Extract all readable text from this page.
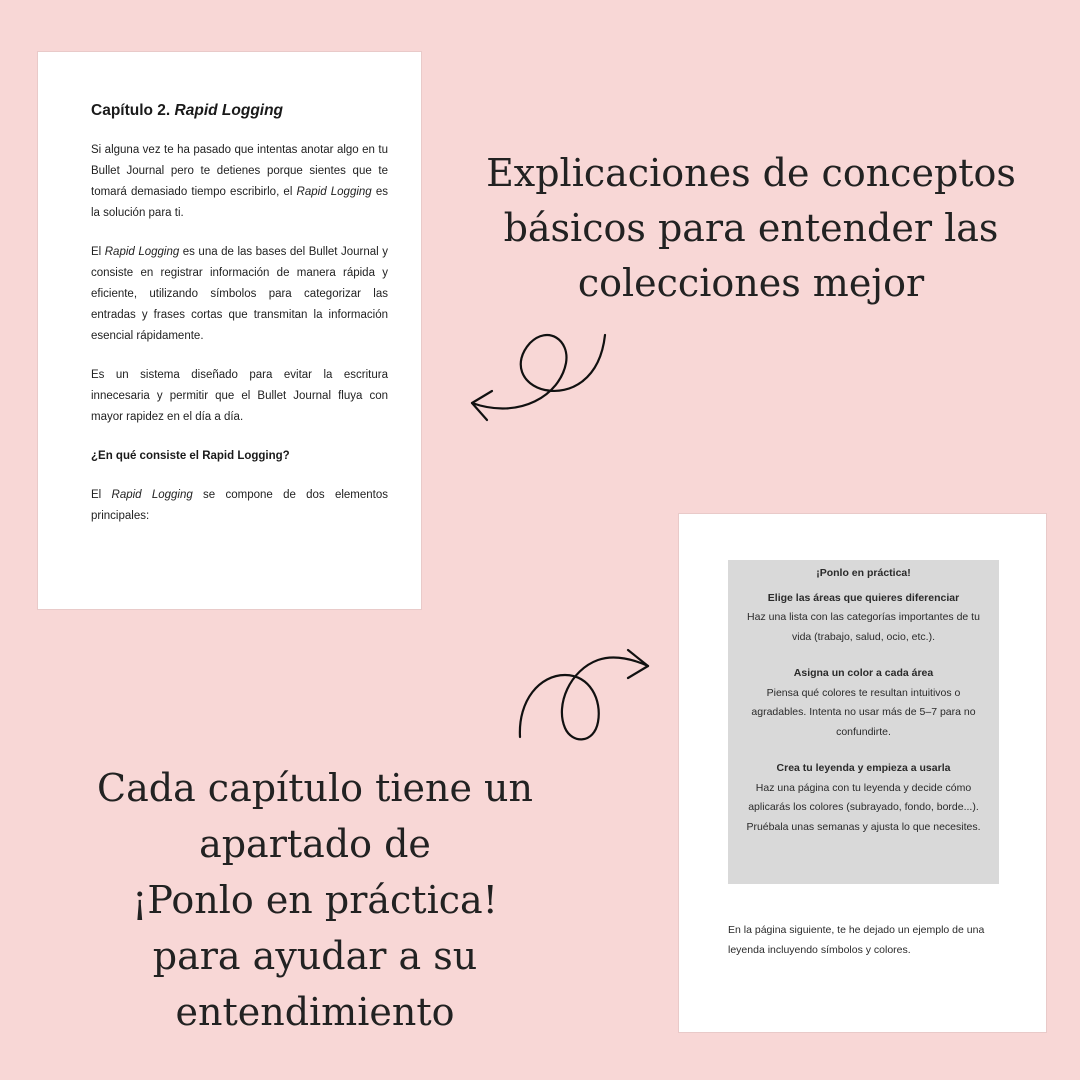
Capítulo 2. Rapid Logging

Si alguna vez te ha pasado que intentas anotar algo en tu Bullet Journal pero te detienes porque sientes que te tomará demasiado tiempo escribirlo, el Rapid Logging es la solución para ti.

El Rapid Logging es una de las bases del Bullet Journal y consiste en registrar información de manera rápida y eficiente, utilizando símbolos para categorizar las entradas y frases cortas que transmitan la información esencial rápidamente.

Es un sistema diseñado para evitar la escritura innecesaria y permitir que el Bullet Journal fluya con mayor rapidez en el día a día.

¿En qué consiste el Rapid Logging?

El Rapid Logging se compone de dos elementos principales:

Explicaciones de conceptos básicos para entender las colecciones mejor

¡Ponlo en práctica!
Elige las áreas que quieres diferenciar
Haz una lista con las categorías importantes de tu vida (trabajo, salud, ocio, etc.).
Asigna un color a cada área
Piensa qué colores te resultan intuitivos o agradables. Intenta no usar más de 5–7 para no confundirte.
Crea tu leyenda y empieza a usarla
Haz una página con tu leyenda y decide cómo aplicarás los colores (subrayado, fondo, borde...).
Pruébala unas semanas y ajusta lo que necesites.
En la página siguiente, te he dejado un ejemplo de una leyenda incluyendo símbolos y colores.
Cada capítulo tiene un
apartado de
¡Ponlo en práctica!
para ayudar a su
entendimiento
